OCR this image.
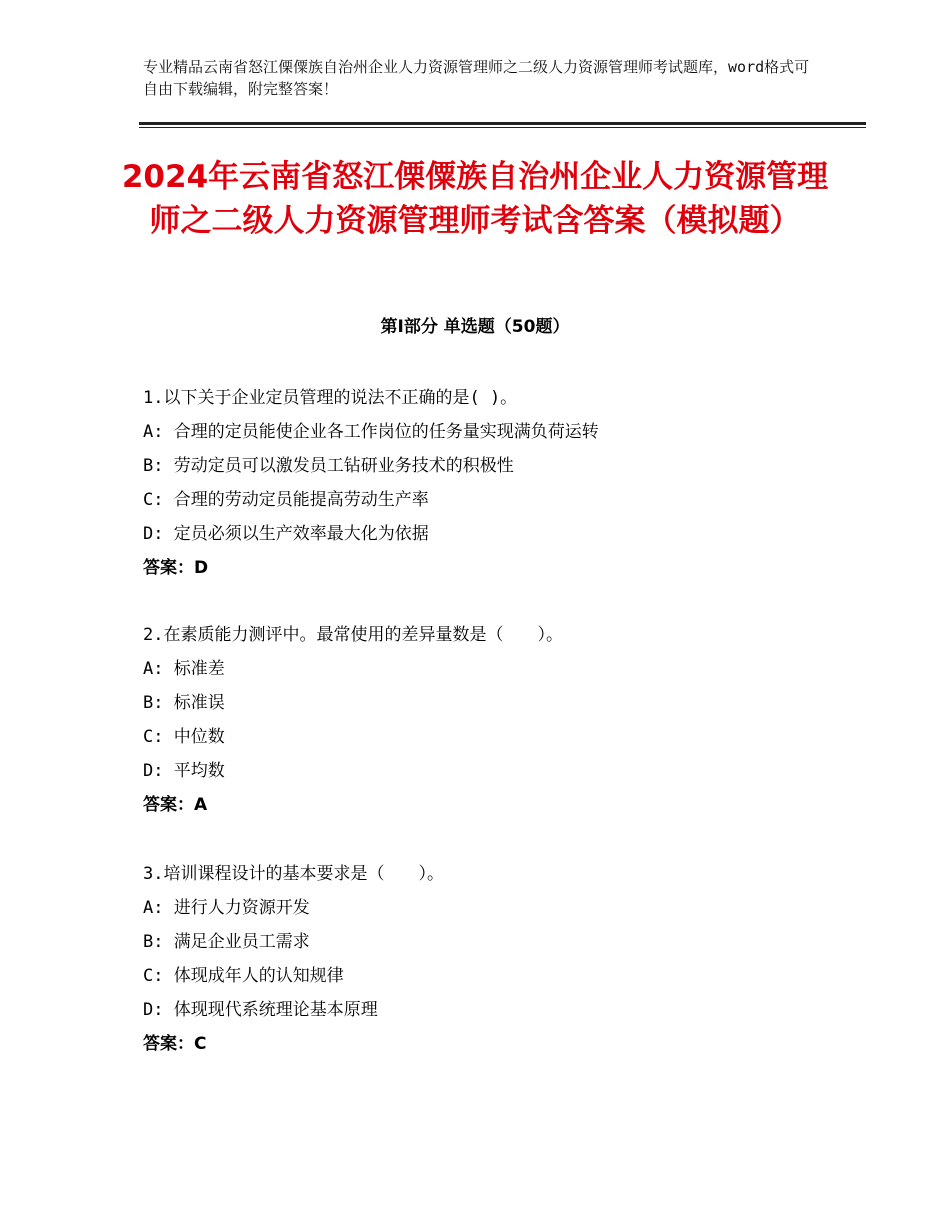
专业精品云南省怒江傈僳族自治州企业人力资源管理师之二级人力资源管理师考试题库，word格式可自由下载编辑，附完整答案！
2024年云南省怒江傈僳族自治州企业人力资源管理师之二级人力资源管理师考试含答案（模拟题）
第Ⅰ部分 单选题（50题）
1.以下关于企业定员管理的说法不正确的是( )。
A: 合理的定员能使企业各工作岗位的任务量实现满负荷运转
B: 劳动定员可以激发员工钻研业务技术的积极性
C: 合理的劳动定员能提高劳动生产率
D: 定员必须以生产效率最大化为依据
答案：D
2.在素质能力测评中。最常使用的差异量数是（　　）。
A: 标准差
B: 标准误
C: 中位数
D: 平均数
答案：A
3.培训课程设计的基本要求是（　　）。
A: 进行人力资源开发
B: 满足企业员工需求
C: 体现成年人的认知规律
D: 体现现代系统理论基本原理
答案：C
